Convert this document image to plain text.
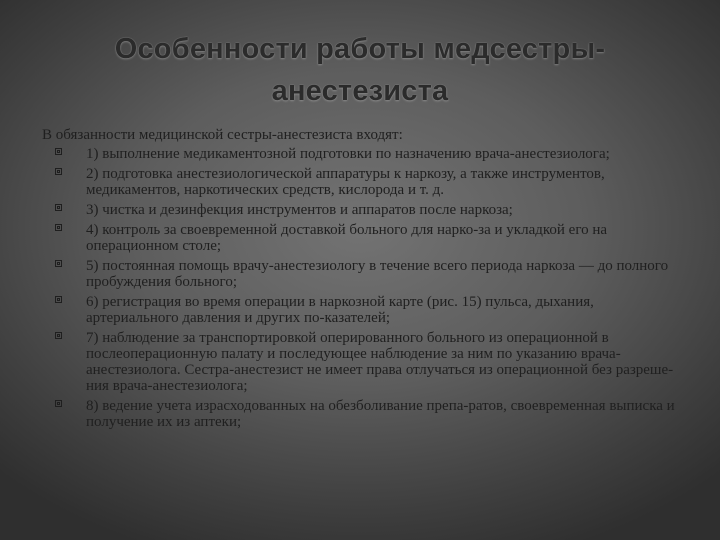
Особенности работы медсестры-
анестезиста
В обязанности медицинской сестры-анестезиста входят:
1) выполнение медикаментозной подготовки по назначению врача-анестезиолога;
2) подготовка анестезиологической аппаратуры к наркозу, а также инструментов, медикаментов, наркотических средств, кислорода и т. д.
3) чистка и дезинфекция инструментов и аппаратов после наркоза;
4) контроль за своевременной доставкой больного для нарко-за и укладкой его на операционном столе;
5) постоянная помощь врачу-анестезиологу в течение всего периода наркоза — до полного пробуждения больного;
6) регистрация во время операции в наркозной карте (рис. 15) пульса, дыхания, артериального давления и других по-казателей;
7) наблюдение за транспортировкой оперированного больного из операционной в послеоперационную палату и последующее наблюдение за ним по указанию врача-анестезиолога. Сестра-анестезист не имеет права отлучаться из операционной без разреше-ния врача-анестезиолога;
8) ведение учета израсходованных на обезболивание препа-ратов, своевременная выписка и получение их из аптеки;
